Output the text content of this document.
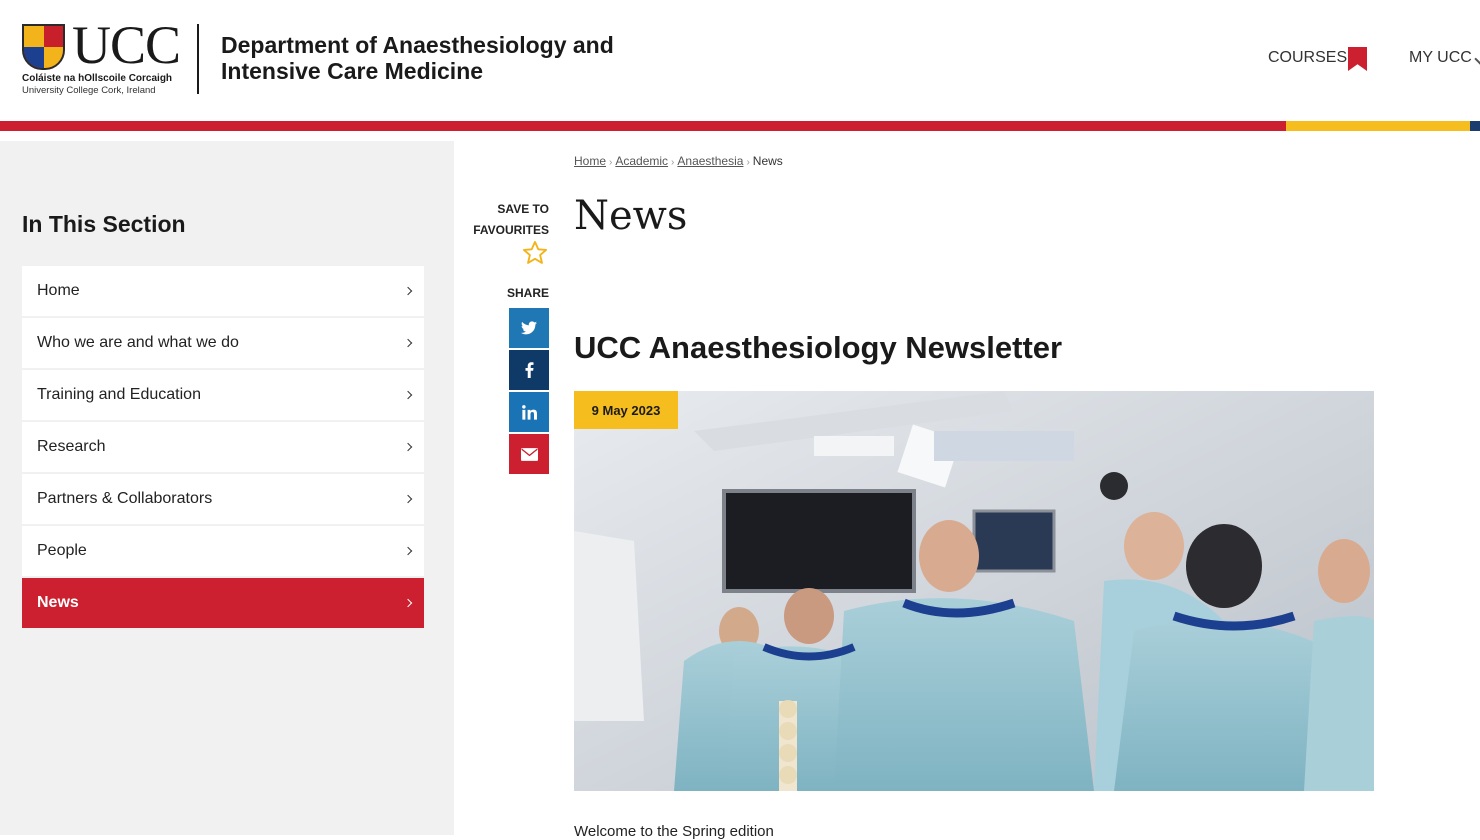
UCC
Coláiste na hOllscoile Corcaigh
University College Cork, Ireland
Department of Anaesthesiology and Intensive Care Medicine
COURSES	MY UCC
In This Section
Home
Who we are and what we do
Training and Education
Research
Partners & Collaborators
People
News
SAVE TO FAVOURITES
SHARE
Home › Academic › Anaesthesia › News
News
UCC Anaesthesiology Newsletter
9 May 2023

Welcome to the Spring edition
